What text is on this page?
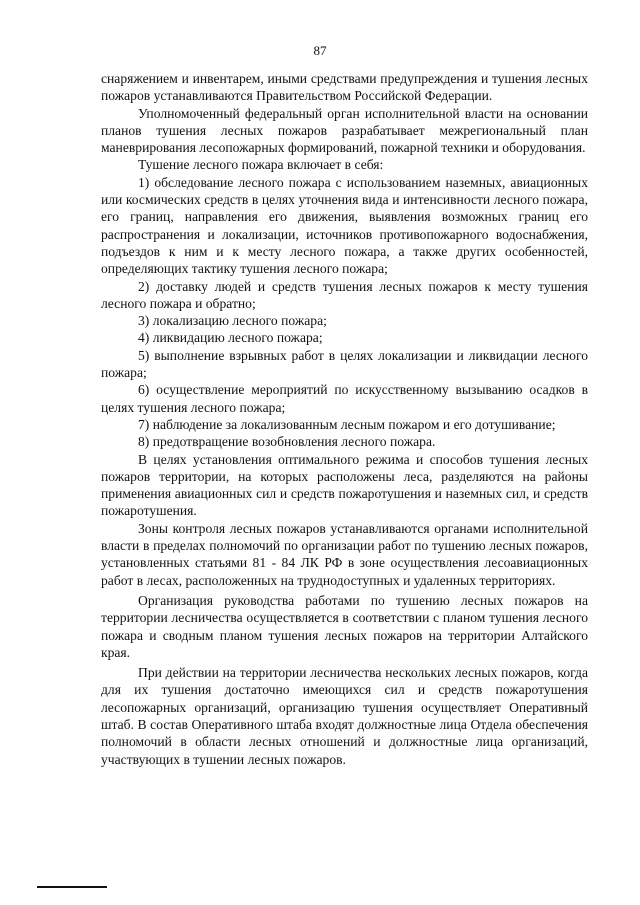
87

снаряжением и инвентарем, иными средствами предупреждения и тушения лесных пожаров устанавливаются Правительством Российской Федерации.

Уполномоченный федеральный орган исполнительной власти на основании планов тушения лесных пожаров разрабатывает межрегиональный план маневрирования лесопожарных формирований, пожарной техники и оборудования.

Тушение лесного пожара включает в себя:

1) обследование лесного пожара с использованием наземных, авиационных или космических средств в целях уточнения вида и интенсивности лесного пожара, его границ, направления его движения, выявления возможных границ его распространения и локализации, источников противопожарного водоснабжения, подъездов к ним и к месту лесного пожара, а также других особенностей, определяющих тактику тушения лесного пожара;

2) доставку людей и средств тушения лесных пожаров к месту тушения лесного пожара и обратно;

3) локализацию лесного пожара;

4) ликвидацию лесного пожара;

5) выполнение взрывных работ в целях локализации и ликвидации лесного пожара;

6) осуществление мероприятий по искусственному вызыванию осадков в целях тушения лесного пожара;

7) наблюдение за локализованным лесным пожаром и его дотушивание;

8) предотвращение возобновления лесного пожара.

В целях установления оптимального режима и способов тушения лесных пожаров территории, на которых расположены леса, разделяются на районы применения авиационных сил и средств пожаротушения и наземных сил, и средств пожаротушения.

Зоны контроля лесных пожаров устанавливаются органами исполнительной власти в пределах полномочий по организации работ по тушению лесных пожаров, установленных статьями 81 - 84 ЛК РФ в зоне осуществления лесоавиационных работ в лесах, расположенных на труднодоступных и удаленных территориях.

Организация руководства работами по тушению лесных пожаров на территории лесничества осуществляется в соответствии с планом тушения лесного пожара и сводным планом тушения лесных пожаров на территории Алтайского края.

При действии на территории лесничества нескольких лесных пожаров, когда для их тушения достаточно имеющихся сил и средств пожаротушения лесопожарных организаций, организацию тушения осуществляет Оперативный штаб. В состав Оперативного штаба входят должностные лица Отдела обеспечения полномочий в области лесных отношений и должностные лица организаций, участвующих в тушении лесных пожаров.
